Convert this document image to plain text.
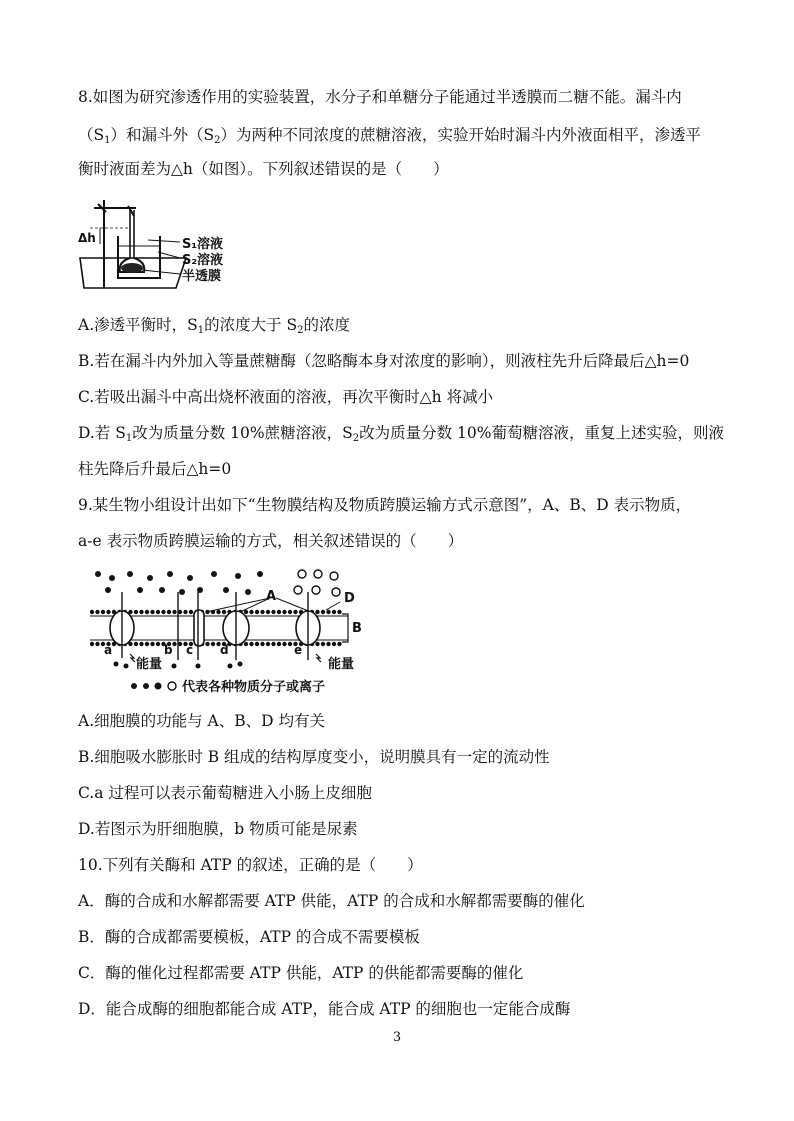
8.如图为研究渗透作用的实验装置，水分子和单糖分子能通过半透膜而二糖不能。漏斗内
$(S_1)$和漏斗外$(S_2)$为两种不同浓度的蔗糖溶液，实验开始时漏斗内外液面相平，渗透平
衡时液面差为△h（如图）。下列叙述错误的是（　　）
Δh	S₁溶液
S₂溶液
半透膜
A.渗透平衡时，$S_1$的浓度大于 $S_2$的浓度
B.若在漏斗内外加入等量蔗糖酶（忽略酶本身对浓度的影响），则液柱先升后降最后△h=0
C.若吸出漏斗中高出烧杯液面的溶液，再次平衡时△h 将减小
D.若 $S_1$改为质量分数 10%蔗糖溶液，$S_2$改为质量分数 10%葡萄糖溶液，重复上述实验，则液
柱先降后升最后△h=0
9.某生物小组设计出如下“生物膜结构及物质跨膜运输方式示意图”，A、B、D 表示物质，
a-e 表示物质跨膜运输的方式，相关叙述错误的（　　）
A
B
D
a	b c d	e
能量	能量
代表各种物质分子或离子
A.细胞膜的功能与 A、B、D 均有关
B.细胞吸水膨胀时 B 组成的结构厚度变小，说明膜具有一定的流动性
C.a 过程可以表示葡萄糖进入小肠上皮细胞
D.若图示为肝细胞膜，b 物质可能是尿素
10.下列有关酶和 ATP 的叙述，正确的是（　　）
A．酶的合成和水解都需要 ATP 供能，ATP 的合成和水解都需要酶的催化
B．酶的合成都需要模板，ATP 的合成不需要模板
C．酶的催化过程都需要 ATP 供能，ATP 的供能都需要酶的催化
D．能合成酶的细胞都能合成 ATP，能合成 ATP 的细胞也一定能合成酶
3
